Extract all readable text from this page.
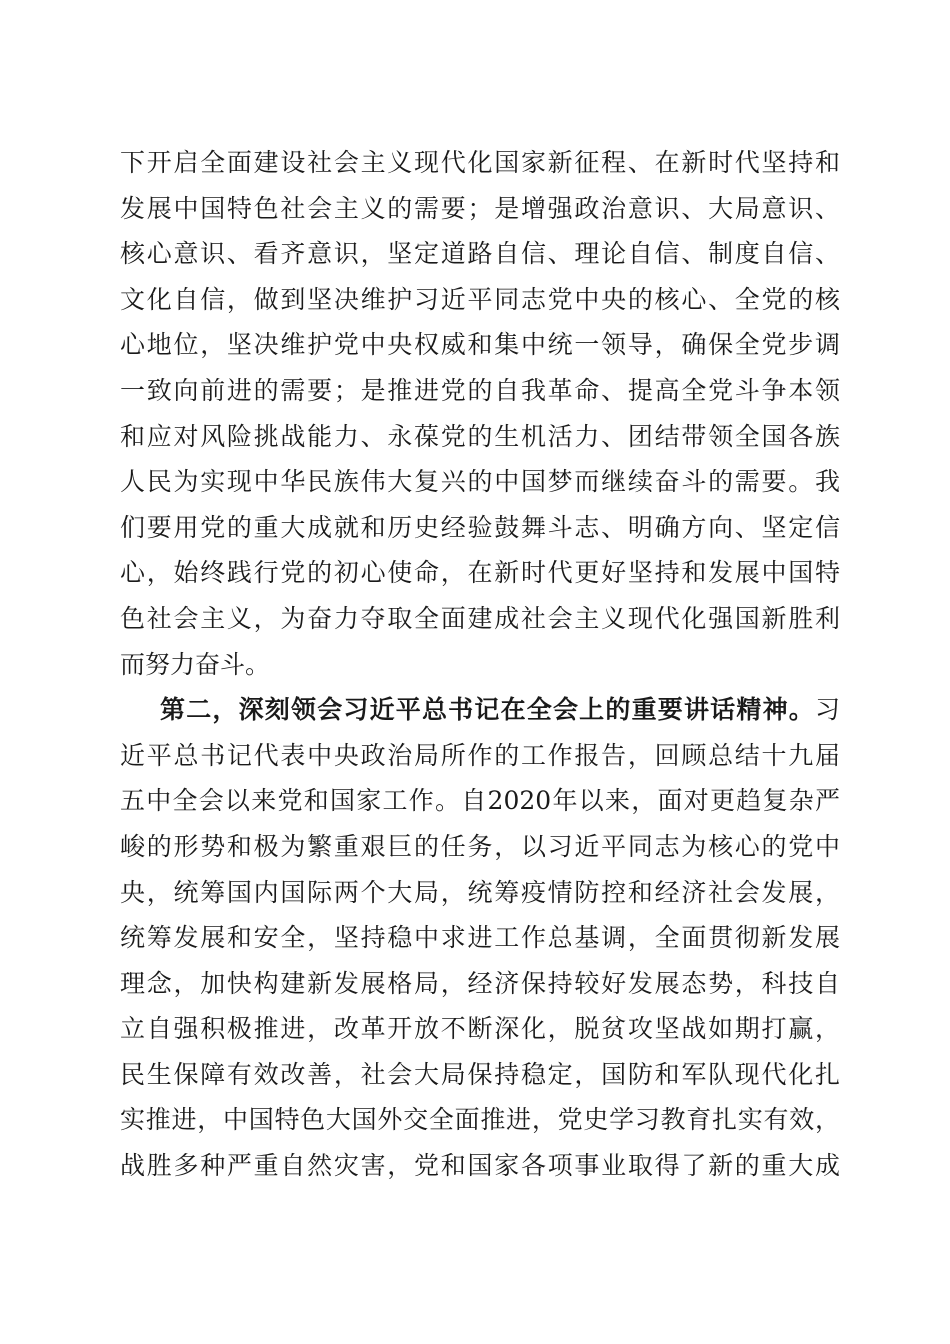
下开启全面建设社会主义现代化国家新征程、在新时代坚持和
发展中国特色社会主义的需要；是增强政治意识、大局意识、
核心意识、看齐意识，坚定道路自信、理论自信、制度自信、
文化自信，做到坚决维护习近平同志党中央的核心、全党的核
心地位，坚决维护党中央权威和集中统一领导，确保全党步调
一致向前进的需要；是推进党的自我革命、提高全党斗争本领
和应对风险挑战能力、永葆党的生机活力、团结带领全国各族
人民为实现中华民族伟大复兴的中国梦而继续奋斗的需要。我
们要用党的重大成就和历史经验鼓舞斗志、明确方向、坚定信
心，始终践行党的初心使命，在新时代更好坚持和发展中国特
色社会主义，为奋力夺取全面建成社会主义现代化强国新胜利
而努力奋斗。
第二，深刻领会习近平总书记在全会上的重要讲话精神。习
近平总书记代表中央政治局所作的工作报告，回顾总结十九届
五中全会以来党和国家工作。自2020年以来，面对更趋复杂严
峻的形势和极为繁重艰巨的任务，以习近平同志为核心的党中
央，统筹国内国际两个大局，统筹疫情防控和经济社会发展，
统筹发展和安全，坚持稳中求进工作总基调，全面贯彻新发展
理念，加快构建新发展格局，经济保持较好发展态势，科技自
立自强积极推进，改革开放不断深化，脱贫攻坚战如期打赢，
民生保障有效改善，社会大局保持稳定，国防和军队现代化扎
实推进，中国特色大国外交全面推进，党史学习教育扎实有效，
战胜多种严重自然灾害，党和国家各项事业取得了新的重大成
